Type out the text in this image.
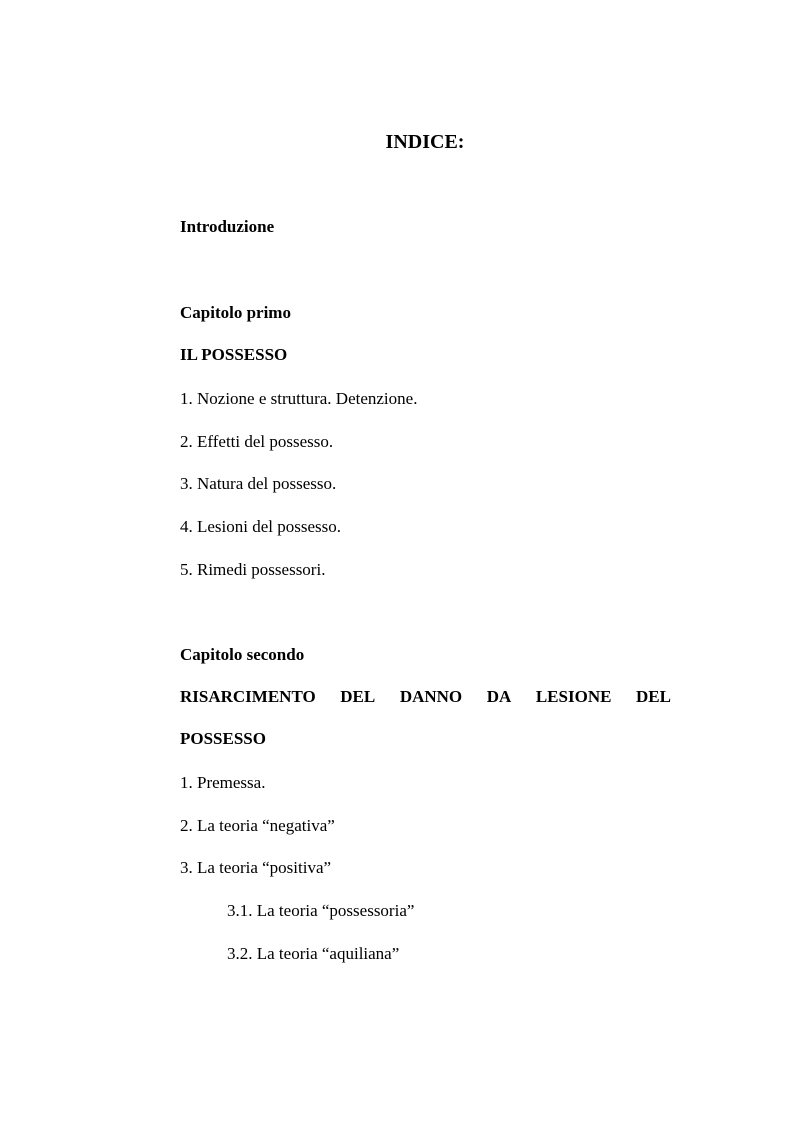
INDICE:
Introduzione
Capitolo primo
IL POSSESSO
1. Nozione e struttura. Detenzione.
2. Effetti del possesso.
3. Natura del possesso.
4. Lesioni del possesso.
5. Rimedi possessori.
Capitolo secondo
RISARCIMENTO DEL DANNO DA LESIONE DEL
POSSESSO
1. Premessa.
2. La teoria “negativa”
3. La teoria “positiva”
3.1. La teoria “possessoria”
3.2. La teoria “aquiliana”
